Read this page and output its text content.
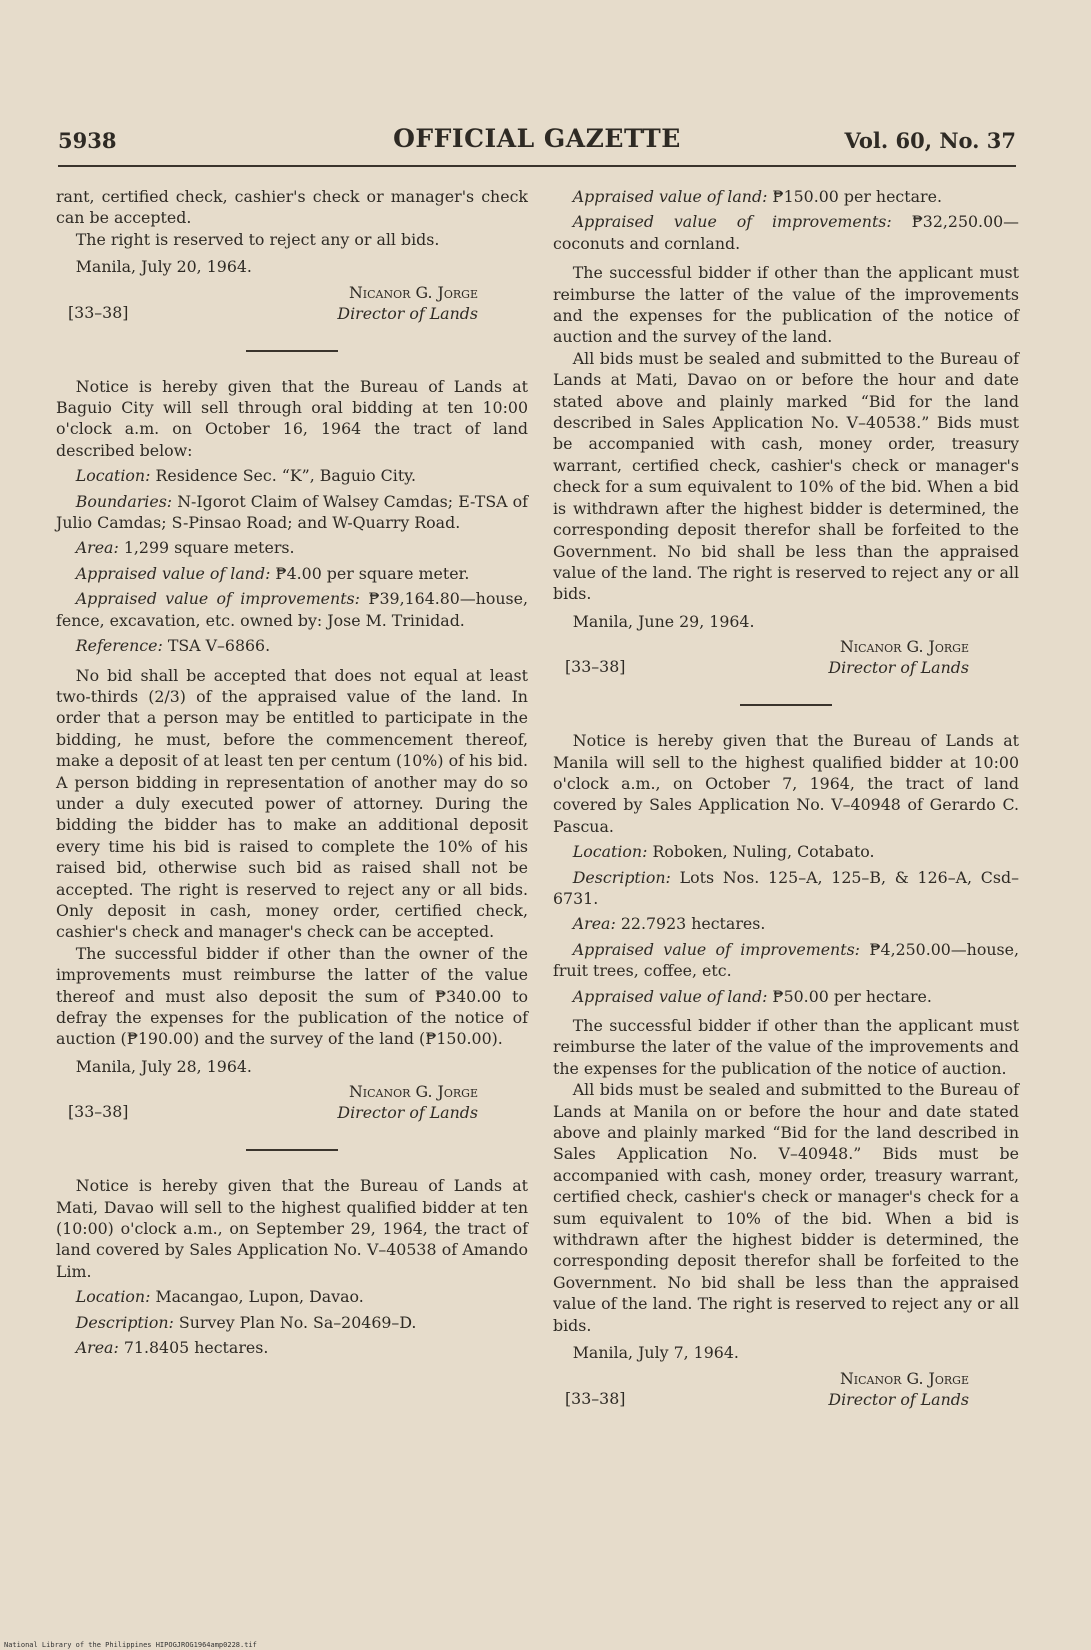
5938	OFFICIAL GAZETTE	Vol. 60, No. 37

rant, certified check, cashier's check or manager's check can be accepted.

The right is reserved to reject any or all bids.

Manila, July 20, 1964.

Nicanor G. Jorge
[33–38]	Director of Lands

Notice is hereby given that the Bureau of Lands at Baguio City will sell through oral bidding at ten 10:00 o'clock a.m. on October 16, 1964 the tract of land described below:

Location: Residence Sec. “K”, Baguio City.

Boundaries: N-Igorot Claim of Walsey Camdas; E-TSA of Julio Camdas; S-Pinsao Road; and W-Quarry Road.

Area: 1,299 square meters.

Appraised value of land: ₱4.00 per square meter.

Appraised value of improvements: ₱39,164.80—house, fence, excavation, etc. owned by: Jose M. Trinidad.

Reference: TSA V–6866.

No bid shall be accepted that does not equal at least two-thirds (2/3) of the appraised value of the land. In order that a person may be entitled to participate in the bidding, he must, before the commencement thereof, make a deposit of at least ten per centum (10%) of his bid. A person bidding in representation of another may do so under a duly executed power of attorney. During the bidding the bidder has to make an additional deposit every time his bid is raised to complete the 10% of his raised bid, otherwise such bid as raised shall not be accepted. The right is reserved to reject any or all bids. Only deposit in cash, money order, certified check, cashier's check and manager's check can be accepted.

The successful bidder if other than the owner of the improvements must reimburse the latter of the value thereof and must also deposit the sum of ₱340.00 to defray the expenses for the publication of the notice of auction (₱190.00) and the survey of the land (₱150.00).

Manila, July 28, 1964.

Nicanor G. Jorge
[33–38]	Director of Lands

Notice is hereby given that the Bureau of Lands at Mati, Davao will sell to the highest qualified bidder at ten (10:00) o'clock a.m., on September 29, 1964, the tract of land covered by Sales Application No. V–40538 of Amando Lim.

Location: Macangao, Lupon, Davao.

Description: Survey Plan No. Sa–20469–D.

Area: 71.8405 hectares.

Appraised value of land: ₱150.00 per hectare.

Appraised value of improvements: ₱32,250.00—coconuts and cornland.

The successful bidder if other than the applicant must reimburse the latter of the value of the improvements and the expenses for the publication of the notice of auction and the survey of the land.

All bids must be sealed and submitted to the Bureau of Lands at Mati, Davao on or before the hour and date stated above and plainly marked “Bid for the land described in Sales Application No. V–40538.” Bids must be accompanied with cash, money order, treasury warrant, certified check, cashier's check or manager's check for a sum equivalent to 10% of the bid. When a bid is withdrawn after the highest bidder is determined, the corresponding deposit therefor shall be forfeited to the Government. No bid shall be less than the appraised value of the land. The right is reserved to reject any or all bids.

Manila, June 29, 1964.

Nicanor G. Jorge
[33–38]	Director of Lands

Notice is hereby given that the Bureau of Lands at Manila will sell to the highest qualified bidder at 10:00 o'clock a.m., on October 7, 1964, the tract of land covered by Sales Application No. V–40948 of Gerardo C. Pascua.

Location: Roboken, Nuling, Cotabato.

Description: Lots Nos. 125–A, 125–B, & 126–A, Csd–6731.

Area: 22.7923 hectares.

Appraised value of improvements: ₱4,250.00—house, fruit trees, coffee, etc.

Appraised value of land: ₱50.00 per hectare.

The successful bidder if other than the applicant must reimburse the later of the value of the improvements and the expenses for the publication of the notice of auction.

All bids must be sealed and submitted to the Bureau of Lands at Manila on or before the hour and date stated above and plainly marked “Bid for the land described in Sales Application No. V–40948.” Bids must be accompanied with cash, money order, treasury warrant, certified check, cashier's check or manager's check for a sum equivalent to 10% of the bid. When a bid is withdrawn after the highest bidder is determined, the corresponding deposit therefor shall be forfeited to the Government. No bid shall be less than the appraised value of the land. The right is reserved to reject any or all bids.

Manila, July 7, 1964.

Nicanor G. Jorge
[33–38]	Director of Lands
National Library of the Philippines HIPOGJROG1964amp0228.tif
